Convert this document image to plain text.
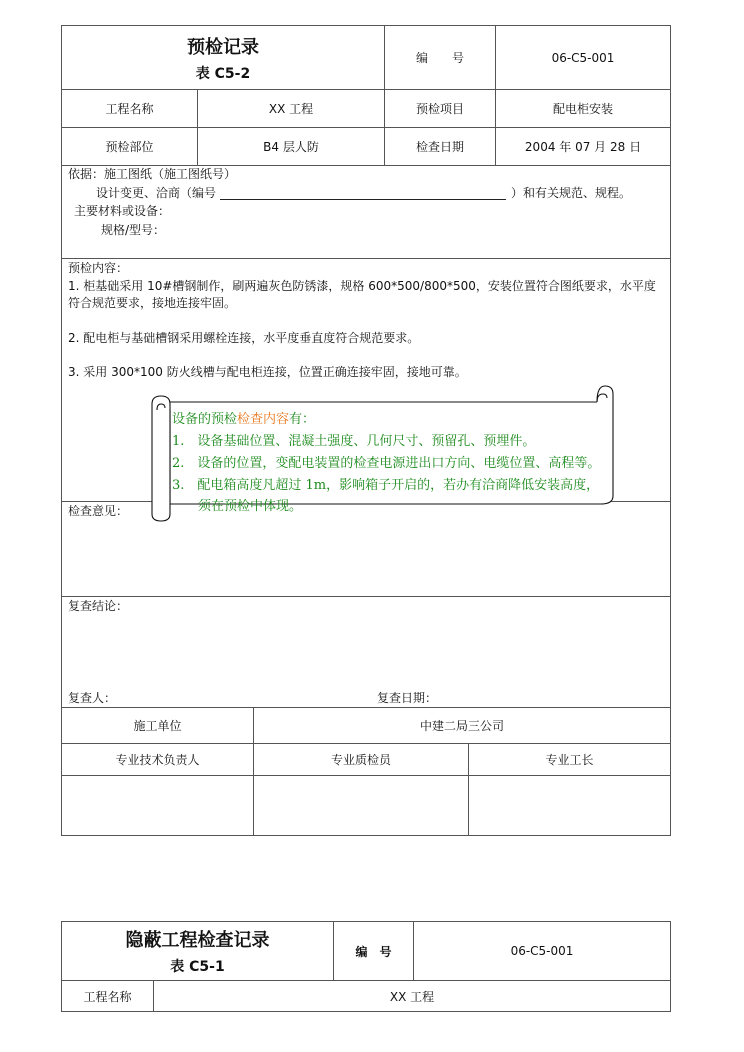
预检记录
表 C5-2
编　　号	06-C5-001
工程名称	XX 工程	预检项目	配电柜安装
预检部位	B4 层人防	检查日期	2004 年 07 月 28 日
依据：施工图纸（施工图纸号）
设计变更、洽商（编号	）和有关规范、规程。
主要材料或设备：
规格/型号：
预检内容：
1. 柜基础采用 10#槽钢制作，刷两遍灰色防锈漆，规格 600*500/800*500，安装位置符合图纸要求，水平度符合规范要求，接地连接牢固。
2. 配电柜与基础槽钢采用螺栓连接，水平度垂直度符合规范要求。
3. 采用 300*100 防火线槽与配电柜连接，位置正确连接牢固，接地可靠。
检查意见：
复查结论：
复查人：	复查日期：
施工单位	中建二局三公司
专业技术负责人	专业质检员	专业工长
设备的预检检查内容有：
1.　设备基础位置、混凝土强度、几何尺寸、预留孔、预埋件。
2.　设备的位置，变配电装置的检查电源进出口方向、电缆位置、高程等。
3.　配电箱高度凡超过 1m，影响箱子开启的，若办有洽商降低安装高度，
　　须在预检中体现。
隐蔽工程检查记录
表 C5-1
编　号	06-C5-001
工程名称	XX 工程
